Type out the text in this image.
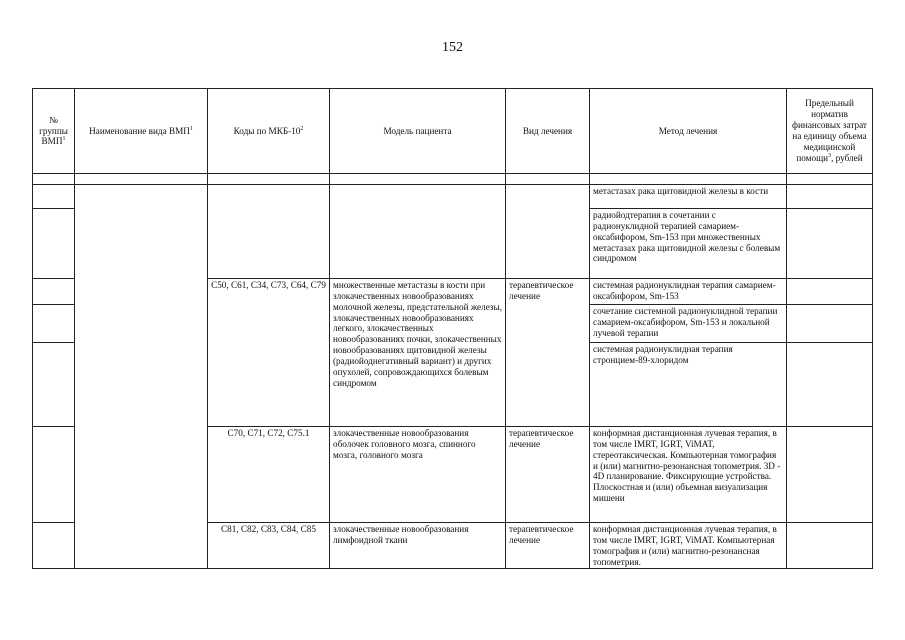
152
№
группы
ВМП$^1$	Наименование вида ВМП$^1$	Коды по МКБ-$10^2$	Модель пациента	Вид лечения	Метод лечения	Предельный норматив финансовых затрат на единицу объема медицинской помощи$^3$, рублей

					метастазах рака щитовидной железы в кости	
					радиойодтерапия в сочетании с радионуклидной терапией самарием-оксабифором, Sm-153 при множественных метастазах рака щитовидной железы с болевым синдромом	
		C50, C61, C34, C73, C64, C79	множественные метастазы в кости при злокачественных новообразованиях молочной железы, предстательной железы, злокачественных новообразованиях легкого, злокачественных новообразованиях почки, злокачественных новообразованиях щитовидной железы (радиойоднегативный вариант) и других опухолей, сопровождающихся болевым синдромом	терапевтическое лечение	системная радионуклидная терапия самарием-оксабифором, Sm-153	
					сочетание системной радионуклидной терапии самарием-оксабифором, Sm-153 и локальной лучевой терапии	
					системная радионуклидная терапия стронцием-89-хлоридом	
		C70, C71, C72, C75.1	злокачественные новообразования оболочек головного мозга, спинного мозга, головного мозга	терапевтическое лечение	конформная дистанционная лучевая терапия, в том числе IMRT, IGRT, ViMAT, стереотаксическая. Компьютерная томография и (или) магнитно-резонансная топометрия. 3D - 4D планирование. Фиксирующие устройства. Плоскостная и (или) объемная визуализация мишени	
		C81, C82, C83, C84, C85	злокачественные новообразования лимфоидной ткани	терапевтическое лечение	конформная дистанционная лучевая терапия, в том числе IMRT, IGRT, ViMAT. Компьютерная томография и (или) магнитно-резонансная топометрия.	
